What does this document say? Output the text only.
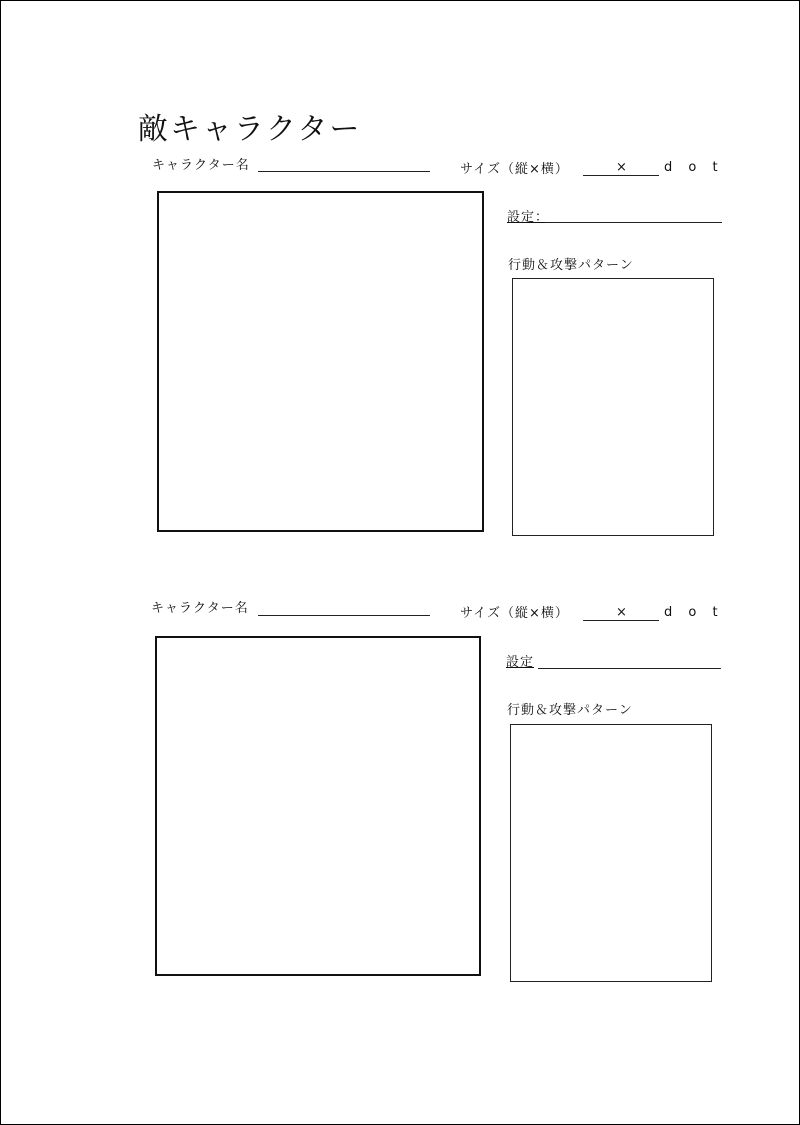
敵キャラクター
キャラクター名	サイズ（縦×横）	×	d o t
設定：
行動＆攻撃パターン
キャラクター名	サイズ（縦×横）	×	d o t
設定
行動＆攻撃パターン
